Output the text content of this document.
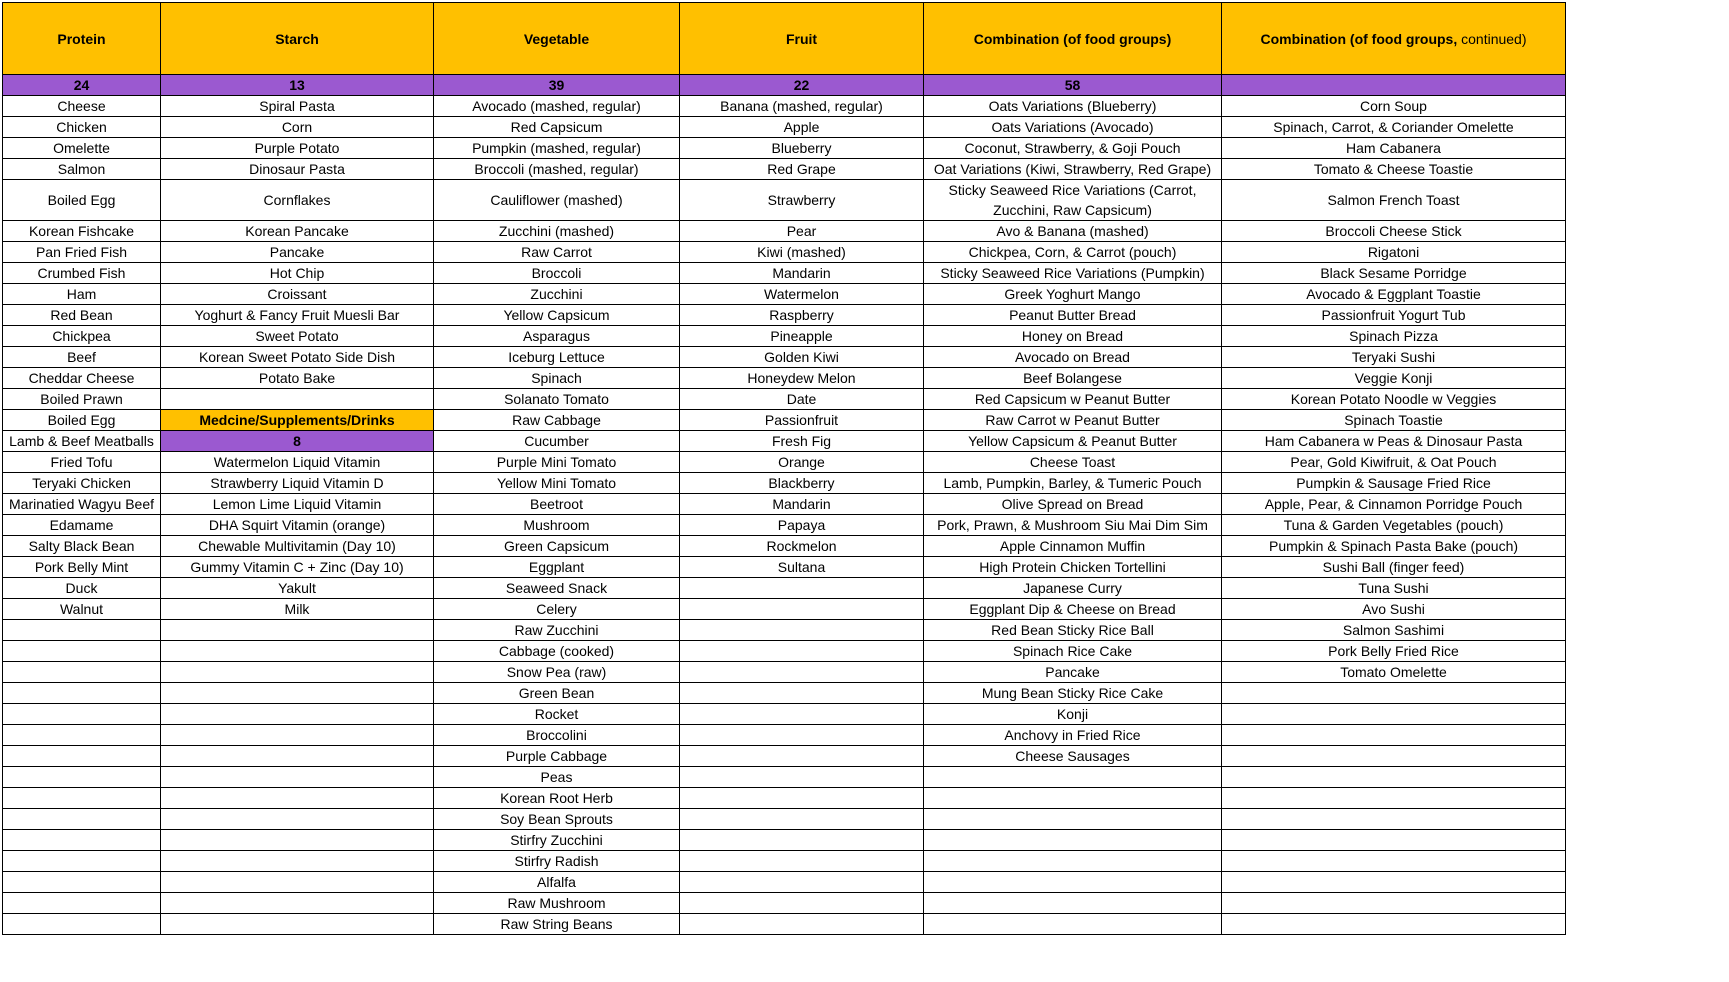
Protein	Starch	Vegetable	Fruit	Combination (of food groups)	Combination (of food groups, continued)
24	13	39	22	58	
Cheese	Spiral Pasta	Avocado (mashed, regular)	Banana (mashed, regular)	Oats Variations (Blueberry)	Corn Soup
Chicken	Corn	Red Capsicum	Apple	Oats Variations (Avocado)	Spinach, Carrot, & Coriander Omelette
Omelette	Purple Potato	Pumpkin (mashed, regular)	Blueberry	Coconut, Strawberry, & Goji Pouch	Ham Cabanera
Salmon	Dinosaur Pasta	Broccoli (mashed, regular)	Red Grape	Oat Variations (Kiwi, Strawberry, Red Grape)	Tomato & Cheese Toastie
Boiled Egg	Cornflakes	Cauliflower (mashed)	Strawberry	Sticky Seaweed Rice Variations (Carrot, Zucchini, Raw Capsicum)	Salmon French Toast
Korean Fishcake	Korean Pancake	Zucchini (mashed)	Pear	Avo & Banana (mashed)	Broccoli Cheese Stick
Pan Fried Fish	Pancake	Raw Carrot	Kiwi (mashed)	Chickpea, Corn, & Carrot (pouch)	Rigatoni
Crumbed Fish	Hot Chip	Broccoli	Mandarin	Sticky Seaweed Rice Variations (Pumpkin)	Black Sesame Porridge
Ham	Croissant	Zucchini	Watermelon	Greek Yoghurt Mango	Avocado & Eggplant Toastie
Red Bean	Yoghurt & Fancy Fruit Muesli Bar	Yellow Capsicum	Raspberry	Peanut Butter Bread	Passionfruit Yogurt Tub
Chickpea	Sweet Potato	Asparagus	Pineapple	Honey on Bread	Spinach Pizza
Beef	Korean Sweet Potato Side Dish	Iceburg Lettuce	Golden Kiwi	Avocado on Bread	Teryaki Sushi
Cheddar Cheese	Potato Bake	Spinach	Honeydew Melon	Beef Bolangese	Veggie Konji
Boiled Prawn		Solanato Tomato	Date	Red Capsicum w Peanut Butter	Korean Potato Noodle w Veggies
Boiled Egg	Medcine/Supplements/Drinks	Raw Cabbage	Passionfruit	Raw Carrot w Peanut Butter	Spinach Toastie
Lamb & Beef Meatballs	8	Cucumber	Fresh Fig	Yellow Capsicum & Peanut Butter	Ham Cabanera w Peas & Dinosaur Pasta
Fried Tofu	Watermelon Liquid Vitamin	Purple Mini Tomato	Orange	Cheese Toast	Pear, Gold Kiwifruit, & Oat Pouch
Teryaki Chicken	Strawberry Liquid Vitamin D	Yellow Mini Tomato	Blackberry	Lamb, Pumpkin, Barley, & Tumeric Pouch	Pumpkin & Sausage Fried Rice
Marinatied Wagyu Beef	Lemon Lime Liquid Vitamin	Beetroot	Mandarin	Olive Spread on Bread	Apple, Pear, & Cinnamon Porridge Pouch
Edamame	DHA Squirt Vitamin (orange)	Mushroom	Papaya	Pork, Prawn, & Mushroom Siu Mai Dim Sim	Tuna & Garden Vegetables (pouch)
Salty Black Bean	Chewable Multivitamin (Day 10)	Green Capsicum	Rockmelon	Apple Cinnamon Muffin	Pumpkin & Spinach Pasta Bake (pouch)
Pork Belly Mint	Gummy Vitamin C + Zinc (Day 10)	Eggplant	Sultana	High Protein Chicken Tortellini	Sushi Ball (finger feed)
Duck	Yakult	Seaweed Snack		Japanese Curry	Tuna Sushi
Walnut	Milk	Celery		Eggplant Dip & Cheese on Bread	Avo Sushi
		Raw Zucchini		Red Bean Sticky Rice Ball	Salmon Sashimi
		Cabbage (cooked)		Spinach Rice Cake	Pork Belly Fried Rice
		Snow Pea (raw)		Pancake	Tomato Omelette
		Green Bean		Mung Bean Sticky Rice Cake	
		Rocket		Konji	
		Broccolini		Anchovy in Fried Rice	
		Purple Cabbage		Cheese Sausages	
		Peas			
		Korean Root Herb			
		Soy Bean Sprouts			
		Stirfry Zucchini			
		Stirfry Radish			
		Alfalfa			
		Raw Mushroom			
		Raw String Beans			
